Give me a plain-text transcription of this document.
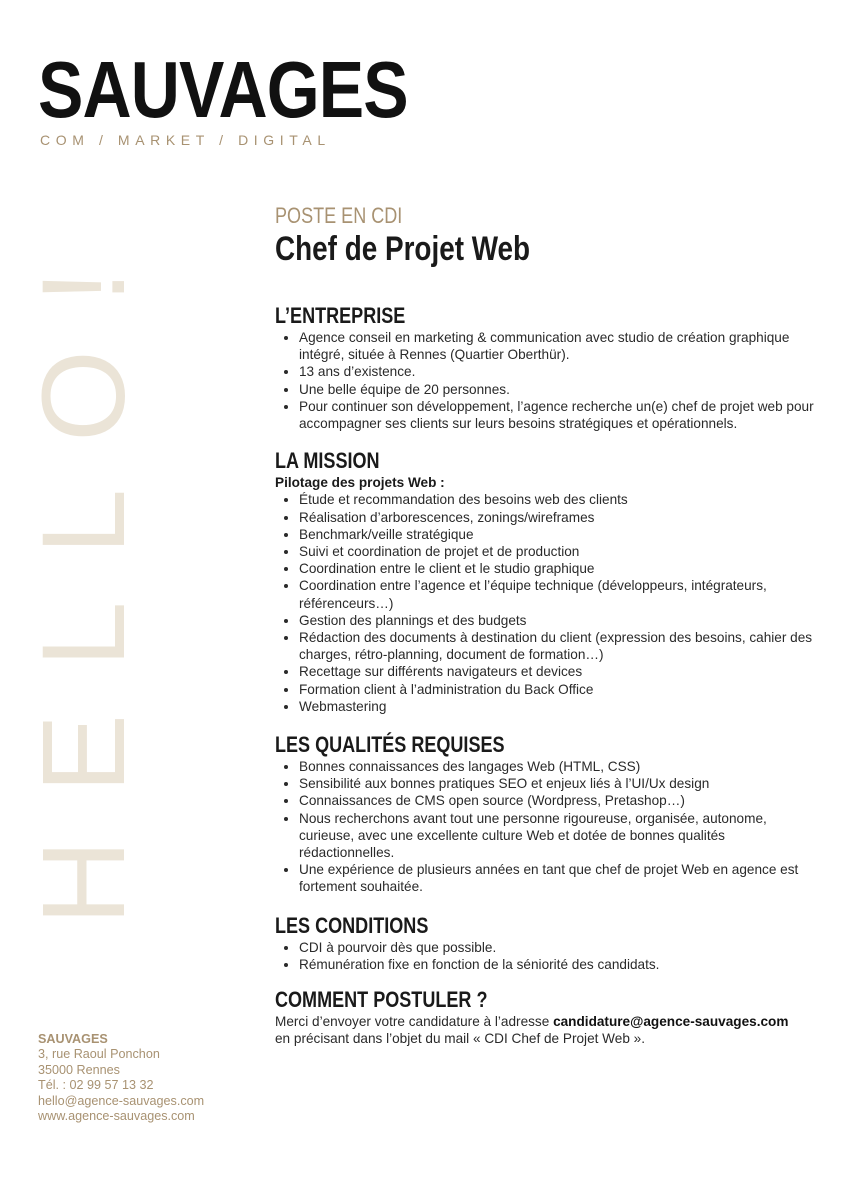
SAUVAGES
COM / MARKET / DIGITAL
HELLO!
POSTE EN CDI
Chef de Projet Web
L’ENTREPRISE
• Agence conseil en marketing & communication avec studio de création graphique intégré, située à Rennes (Quartier Oberthür).
• 13 ans d’existence.
• Une belle équipe de 20 personnes.
• Pour continuer son développement, l’agence recherche un(e) chef de projet web pour accompagner ses clients sur leurs besoins stratégiques et opérationnels.
LA MISSION
Pilotage des projets Web :
• Étude et recommandation des besoins web des clients
• Réalisation d’arborescences, zonings/wireframes
• Benchmark/veille stratégique
• Suivi et coordination de projet et de production
• Coordination entre le client et le studio graphique
• Coordination entre l’agence et l’équipe technique (développeurs, intégrateurs, référenceurs…)
• Gestion des plannings et des budgets
• Rédaction des documents à destination du client (expression des besoins, cahier des charges, rétro-planning, document de formation…)
• Recettage sur différents navigateurs et devices
• Formation client à l’administration du Back Office
• Webmastering
LES QUALITÉS REQUISES
• Bonnes connaissances des langages Web (HTML, CSS)
• Sensibilité aux bonnes pratiques SEO et enjeux liés à l’UI/Ux design
• Connaissances de CMS open source (Wordpress, Pretashop…)
• Nous recherchons avant tout une personne rigoureuse, organisée, autonome, curieuse, avec une excellente culture Web et dotée de bonnes qualités rédactionnelles.
• Une expérience de plusieurs années en tant que chef de projet Web en agence est fortement souhaitée.
LES CONDITIONS
• CDI à pourvoir dès que possible.
• Rémunération fixe en fonction de la séniorité des candidats.
COMMENT POSTULER ?
Merci d’envoyer votre candidature à l’adresse candidature@agence-sauvages.com
en précisant dans l’objet du mail « CDI Chef de Projet Web ».
SAUVAGES
3, rue Raoul Ponchon
35000 Rennes
Tél. : 02 99 57 13 32
hello@agence-sauvages.com
www.agence-sauvages.com
